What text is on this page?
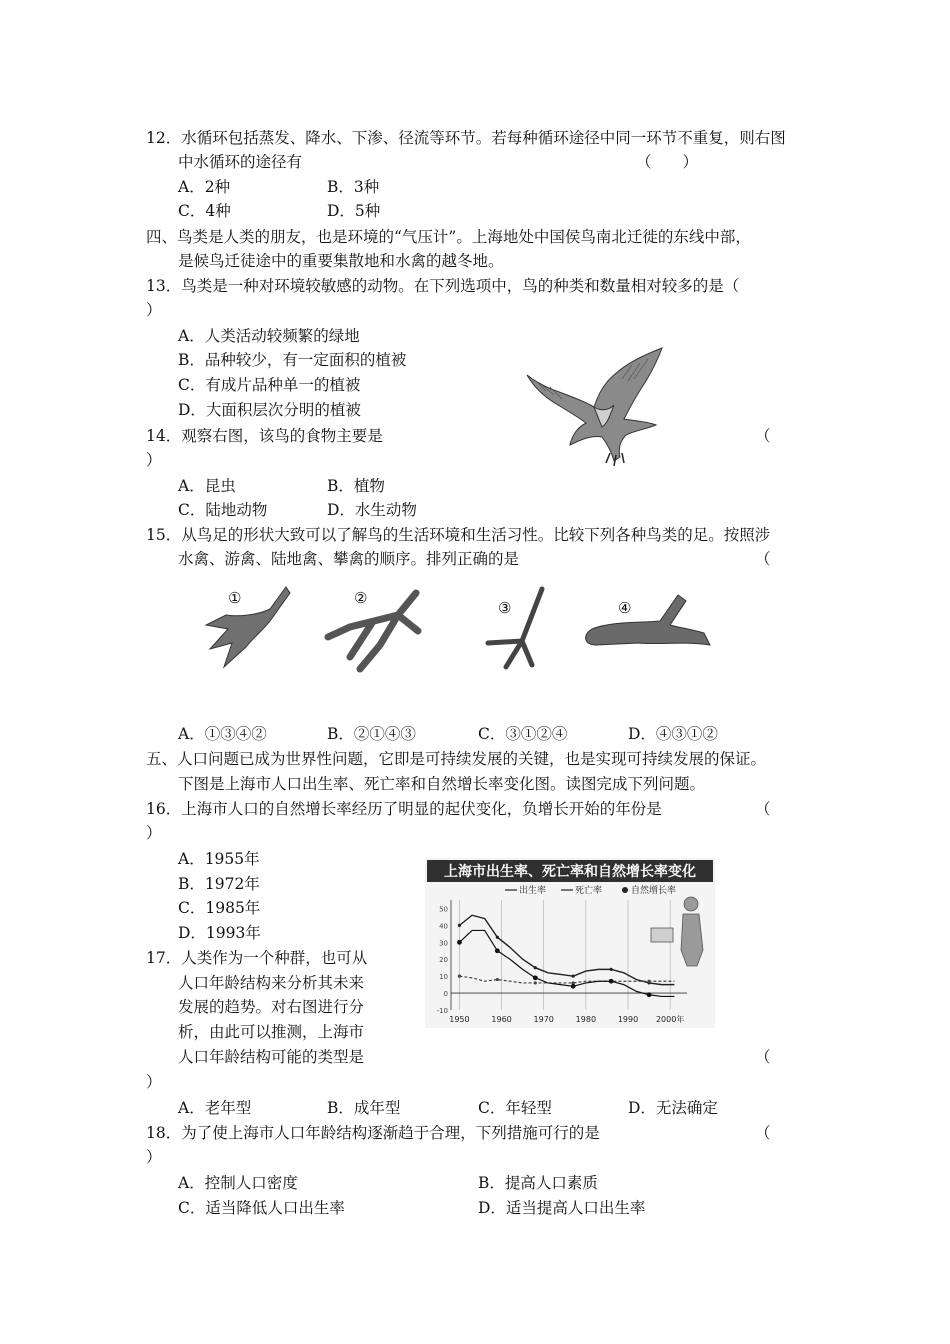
12．水循环包括蒸发、降水、下渗、径流等环节。若每种循环途径中同一环节不重复，则右图
中水循环的途径有	（　　）
A．2种	B．3种
C．4种	D．5种
四、鸟类是人类的朋友，也是环境的“气压计”。上海地处中国侯鸟南北迁徙的东线中部，
是候鸟迁徒途中的重要集散地和水禽的越冬地。
13．鸟类是一种对环境较敏感的动物。在下列选项中，鸟的种类和数量相对较多的是（
）
A．人类活动较频繁的绿地
B．品种较少，有一定面积的植被
C．有成片品种单一的植被
D．大面积层次分明的植被
14．观察右图，该鸟的食物主要是	（
）
A．昆虫	B．植物
C．陆地动物	D．水生动物
15．从鸟足的形状大致可以了解鸟的生活环境和生活习性。比较下列各种鸟类的足。按照涉
水禽、游禽、陆地禽、攀禽的顺序。排列正确的是	（
①	②
③	④
A．①③④②	B．②①④③	C．③①②④	D．④③①②
五、人口问题已成为世界性问题，它即是可持续发展的关键，也是实现可持续发展的保证。
下图是上海市人口出生率、死亡率和自然增长率变化图。读图完成下列问题。
16．上海市人口的自然增长率经历了明显的起伏变化，负增长开始的年份是	（
）
A．1955年
B．1972年
C．1985年
D．1993年
上海市出生率、死亡率和自然增长率变化
出生率	死亡率	自然增长率
1950	1960	1970	1980	1990 2000年
50
40
30
20
10
0
-10
17．人类作为一个种群，也可从
人口年龄结构来分析其未来
发展的趋势。对右图进行分
析，由此可以推测，上海市
人口年龄结构可能的类型是	（
）
A．老年型	B．成年型	C．年轻型	D．无法确定
18．为了使上海市人口年龄结构逐渐趋于合理，下列措施可行的是	（
）
A．控制人口密度	B．提高人口素质
C．适当降低人口出生率	D．适当提高人口出生率
